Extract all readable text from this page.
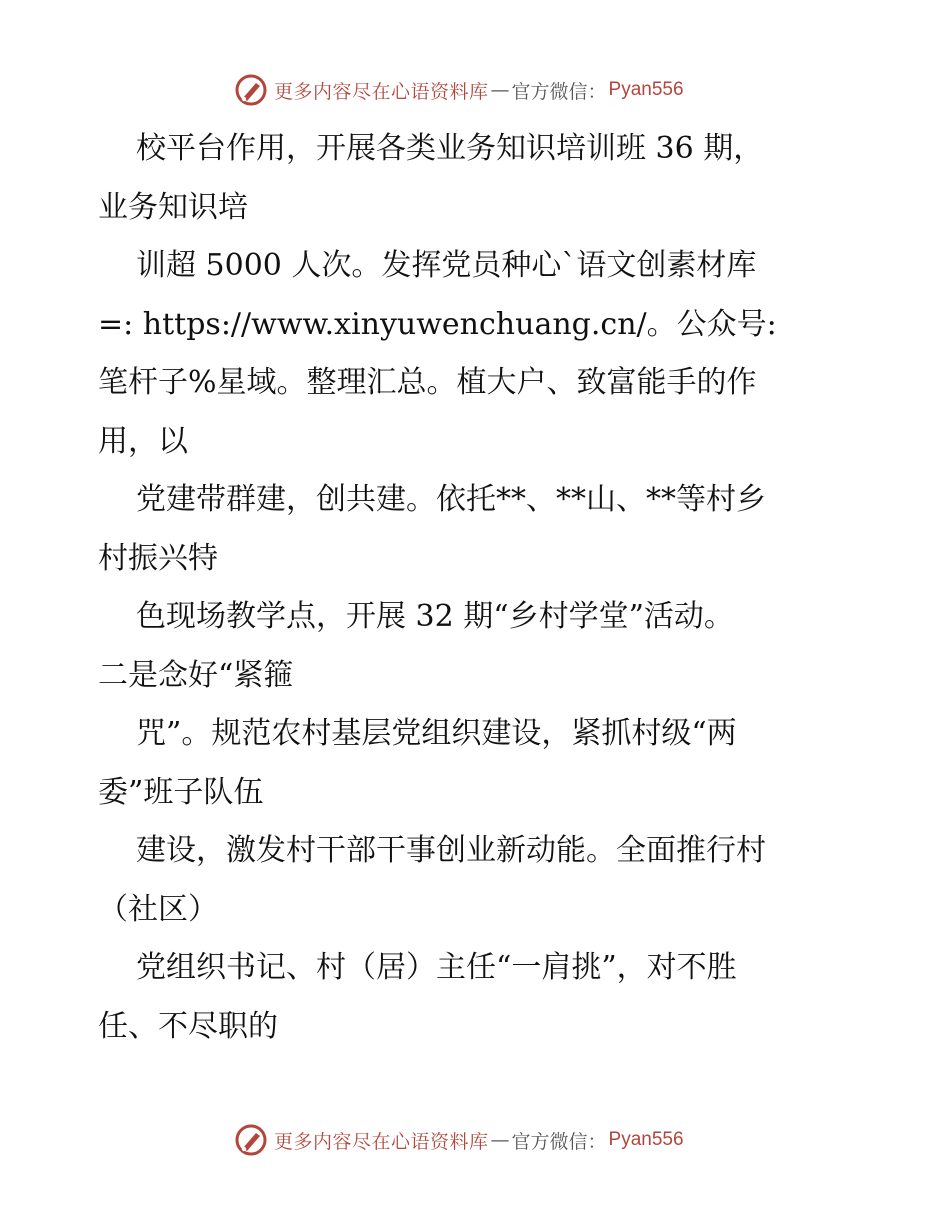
更多内容尽在心语资料库 — 官方微信： Pyan556
校平台作用，开展各类业务知识培训班 36 期，
业务知识培
训超 5000 人次。发挥党员种心`语文创素材库
=: https://www.xinyuwenchuang.cn/。公众号:
笔杆子%星域。整理汇总。植大户、致富能手的作
用，以
党建带群建，创共建。依托**、**山、**等村乡
村振兴特
色现场教学点，开展 32 期“乡村学堂”活动。
二是念好“紧箍
咒”。规范农村基层党组织建设，紧抓村级“两
委”班子队伍
建设，激发村干部干事创业新动能。全面推行村
（社区）
党组织书记、村（居）主任“一肩挑”，对不胜
任、不尽职的
更多内容尽在心语资料库 — 官方微信： Pyan556
